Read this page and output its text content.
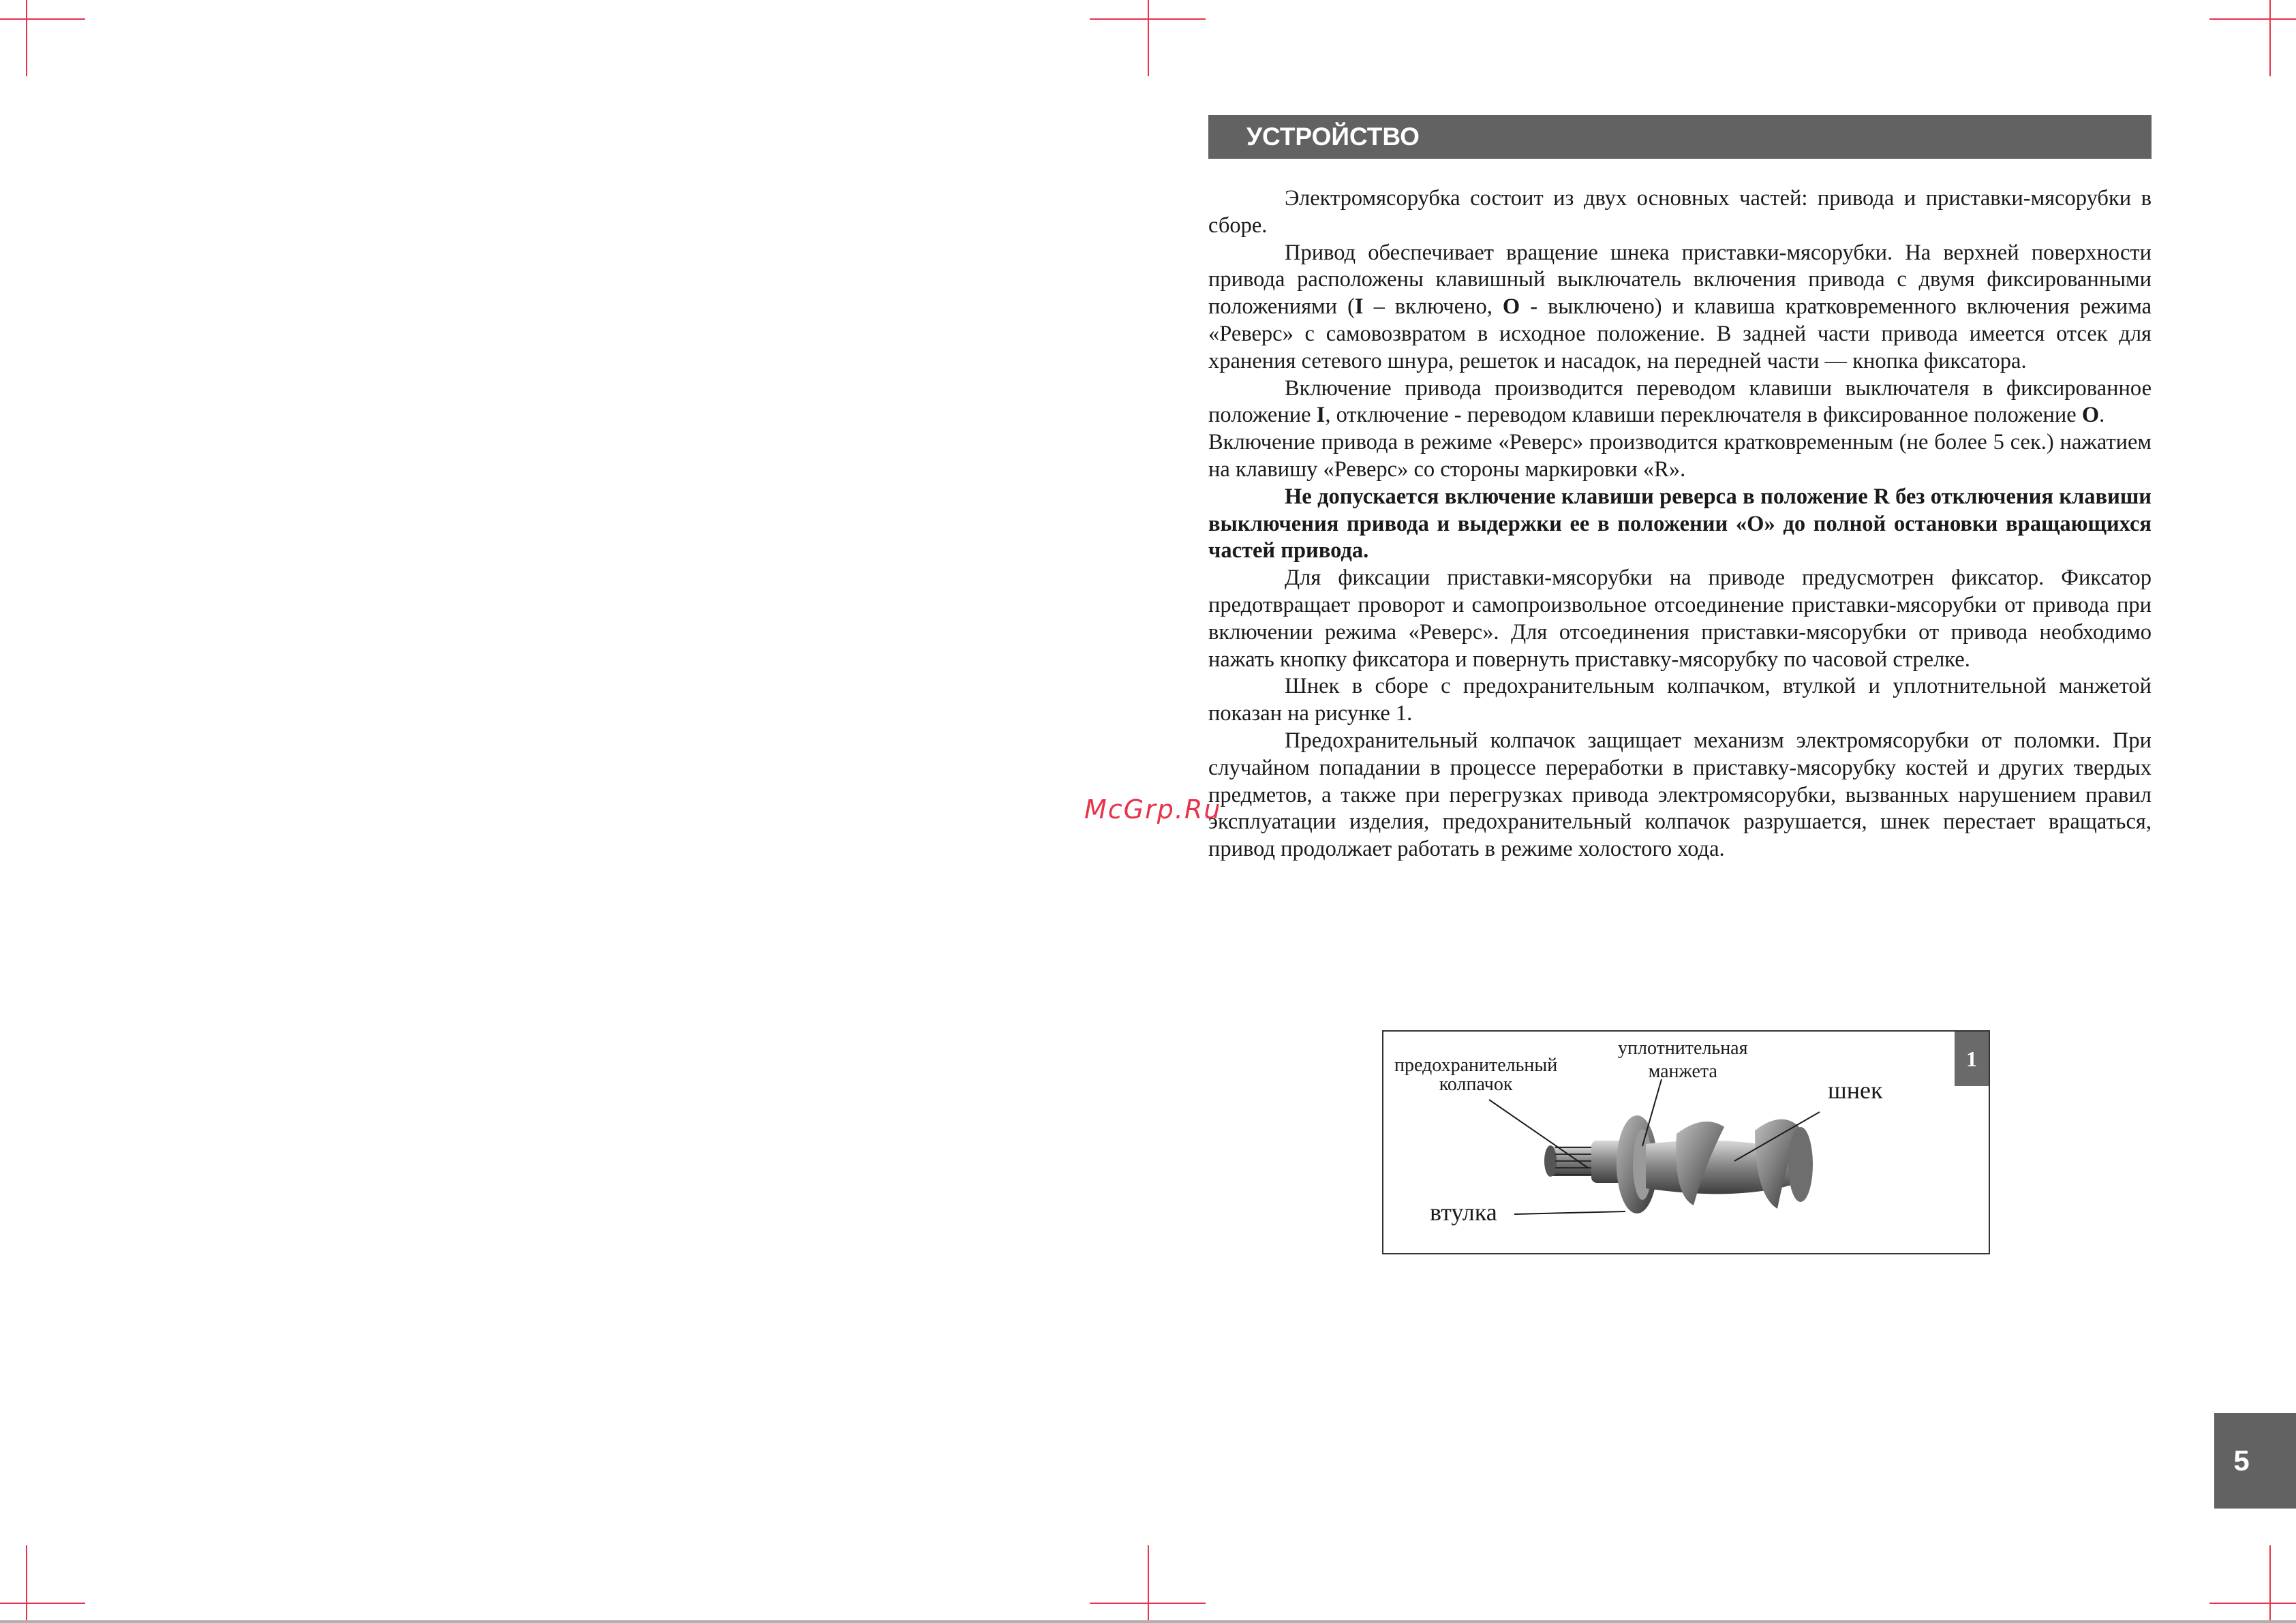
УСТРОЙСТВО

Электромясорубка состоит из двух основных частей: привода и приставки-мясорубки в сборе.

Привод обеспечивает вращение шнека приставки-мясорубки. На верхней поверхности привода расположены клавишный выключатель включения привода с двумя фиксированными положениями (I – включено, O - выключено) и клавиша кратковременного включения режима «Реверс» с самовозвратом в исходное положение. В задней части привода имеется отсек для хранения сетевого шнура, решеток и насадок, на передней части — кнопка фиксатора.

Включение привода производится переводом клавиши выключателя в фиксированное положение I, отключение - переводом клавиши переключателя в фиксированное положение O.

Включение привода в режиме «Реверс» производится кратковременным (не более 5 сек.) нажатием на клавишу «Реверс» со стороны маркировки «R».

Не допускается включение клавиши реверса в положение R без отключения клавиши выключения привода и выдержки ее в положении «O» до полной остановки вращающихся частей привода.

Для фиксации приставки-мясорубки на приводе предусмотрен фиксатор. Фиксатор предотвращает проворот и самопроизвольное отсоединение приставки-мясорубки от привода при включении режима «Реверс». Для отсоединения приставки-мясорубки от привода необходимо нажать кнопку фиксатора и повернуть приставку-мясорубку по часовой стрелке.

Шнек в сборе с предохранительным колпачком, втулкой и уплотнительной манжетой показан на рисунке 1.

Предохранительный колпачок защищает механизм электромясорубки от поломки. При случайном попадании в процессе переработки в приставку-мясорубку костей и других твердых предметов, а также при перегрузках привода электромясорубки, вызванных нарушением правил эксплуатации изделия, предохранительный колпачок разрушается, шнек перестает вращаться, привод продолжает работать в режиме холостого хода.

McGrp.Ru
1
предохранительный
колпачок
уплотнительная
манжета
шнек
втулка
5
